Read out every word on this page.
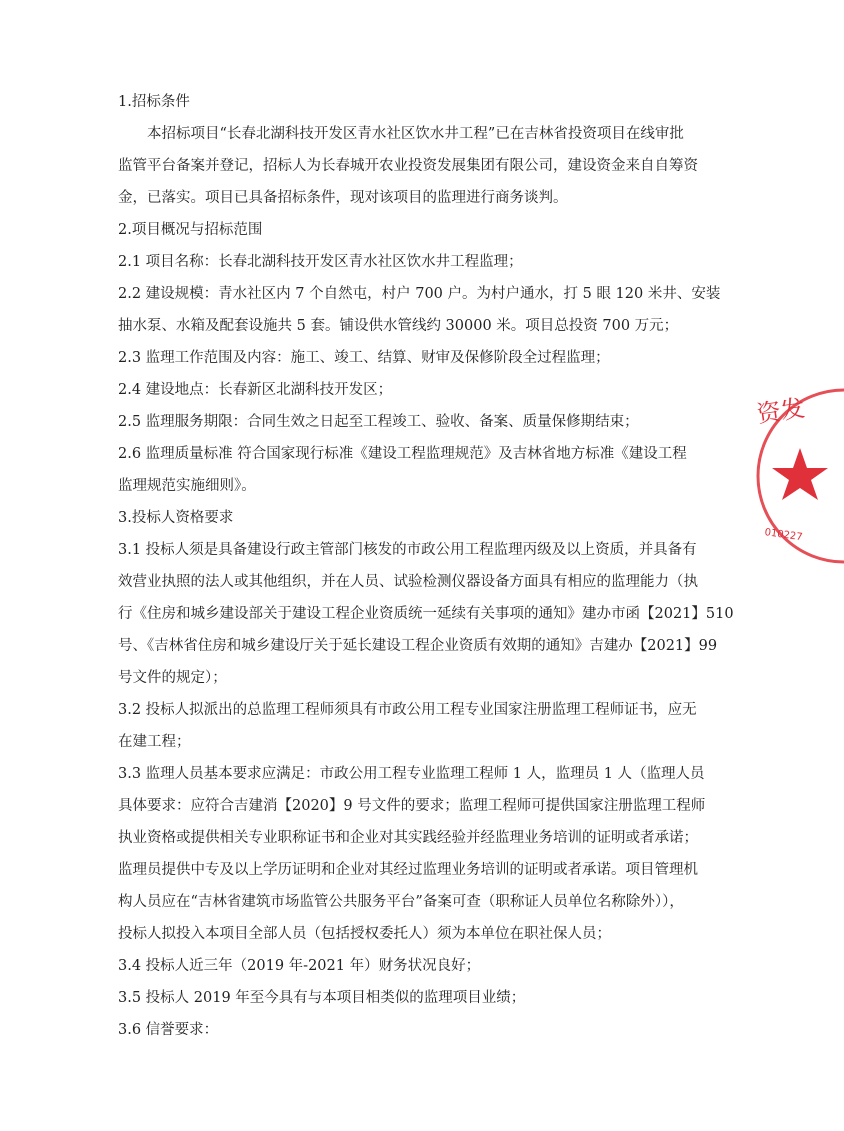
1.招标条件

本招标项目“长春北湖科技开发区青水社区饮水井工程”已在吉林省投资项目在线审批

监管平台备案并登记，招标人为长春城开农业投资发展集团有限公司，建设资金来自自筹资

金，已落实。项目已具备招标条件，现对该项目的监理进行商务谈判。

2.项目概况与招标范围

2.1 项目名称：长春北湖科技开发区青水社区饮水井工程监理；

2.2 建设规模：青水社区内 7 个自然屯，村户 700 户。为村户通水，打 5 眼 120 米井、安装

抽水泵、水箱及配套设施共 5 套。铺设供水管线约 30000 米。项目总投资 700 万元；

2.3 监理工作范围及内容：施工、竣工、结算、财审及保修阶段全过程监理；

2.4 建设地点：长春新区北湖科技开发区；

2.5 监理服务期限：合同生效之日起至工程竣工、验收、备案、质量保修期结束；

2.6 监理质量标准 符合国家现行标准《建设工程监理规范》及吉林省地方标准《建设工程

监理规范实施细则》。

3.投标人资格要求

3.1 投标人须是具备建设行政主管部门核发的市政公用工程监理丙级及以上资质，并具备有

效营业执照的法人或其他组织，并在人员、试验检测仪器设备方面具有相应的监理能力（执

行《住房和城乡建设部关于建设工程企业资质统一延续有关事项的通知》建办市函【2021】510

号、《吉林省住房和城乡建设厅关于延长建设工程企业资质有效期的通知》吉建办【2021】99

号文件的规定）；

3.2 投标人拟派出的总监理工程师须具有市政公用工程专业国家注册监理工程师证书，应无

在建工程；

3.3 监理人员基本要求应满足：市政公用工程专业监理工程师 1 人，监理员 1 人（监理人员

具体要求：应符合吉建消【2020】9 号文件的要求；监理工程师可提供国家注册监理工程师

执业资格或提供相关专业职称证书和企业对其实践经验并经监理业务培训的证明或者承诺；

监理员提供中专及以上学历证明和企业对其经过监理业务培训的证明或者承诺。项目管理机

构人员应在“吉林省建筑市场监管公共服务平台”备案可查（职称证人员单位名称除外）），

投标人拟投入本项目全部人员（包括授权委托人）须为本单位在职社保人员；

3.4 投标人近三年（2019 年-2021 年）财务状况良好；

3.5 投标人 2019 年至今具有与本项目相类似的监理项目业绩；

3.6 信誉要求：

资发
010227
